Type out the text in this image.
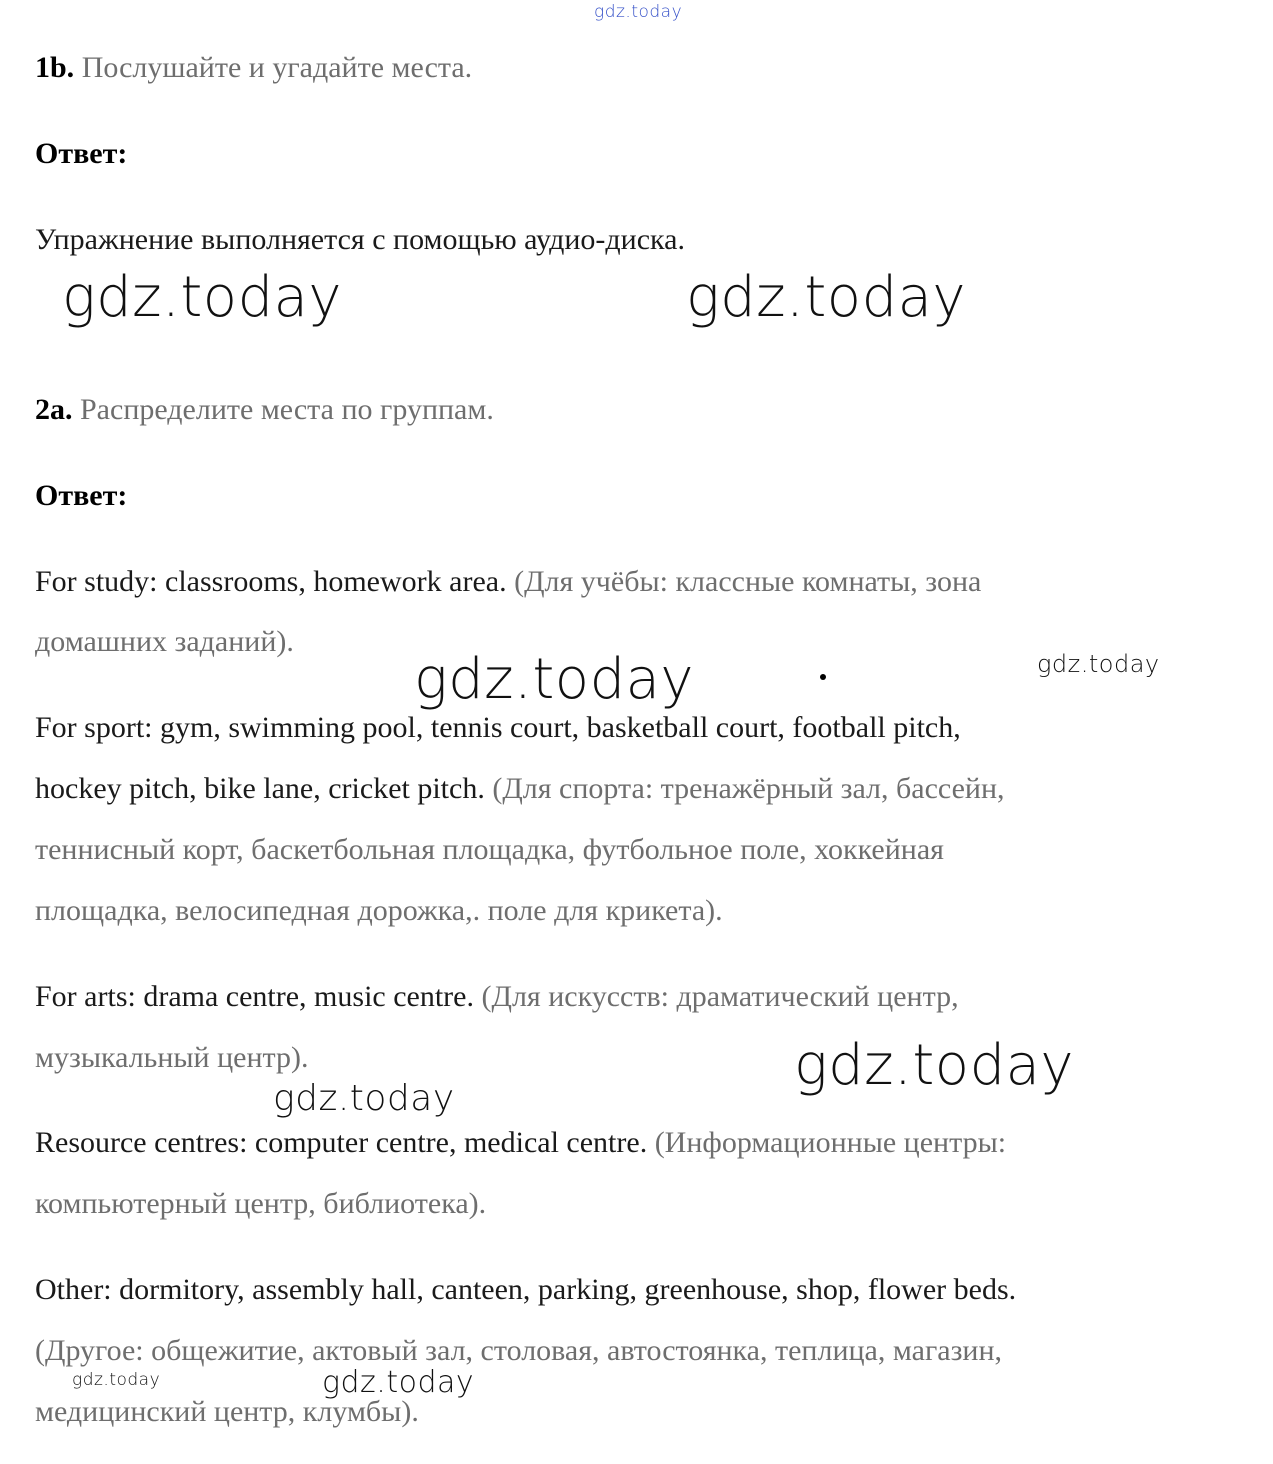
gdz.today
gdz.today	gdz.today
gdz.today	gdz.today
gdz.today
gdz.today
gdz.today	gdz.today
1b. Послушайте и угадайте места.
Ответ:
Упражнение выполняется с помощью аудио-диска.
2a. Распределите места по группам.
Ответ:
For study: classrooms, homework area. (Для учёбы: классные комнаты, зона
домашних заданий).
For sport: gym, swimming pool, tennis court, basketball court, football pitch,
hockey pitch, bike lane, cricket pitch. (Для спорта: тренажёрный зал, бассейн,
теннисный корт, баскетбольная площадка, футбольное поле, хоккейная
площадка, велосипедная дорожка,. поле для крикета).
For arts: drama centre, music centre. (Для искусств: драматический центр,
музыкальный центр).
Resource centres: computer centre, medical centre. (Информационные центры:
компьютерный центр, библиотека).
Other: dormitory, assembly hall, canteen, parking, greenhouse, shop, flower beds.
(Другое: общежитие, актовый зал, столовая, автостоянка, теплица, магазин,
медицинский центр, клумбы).
